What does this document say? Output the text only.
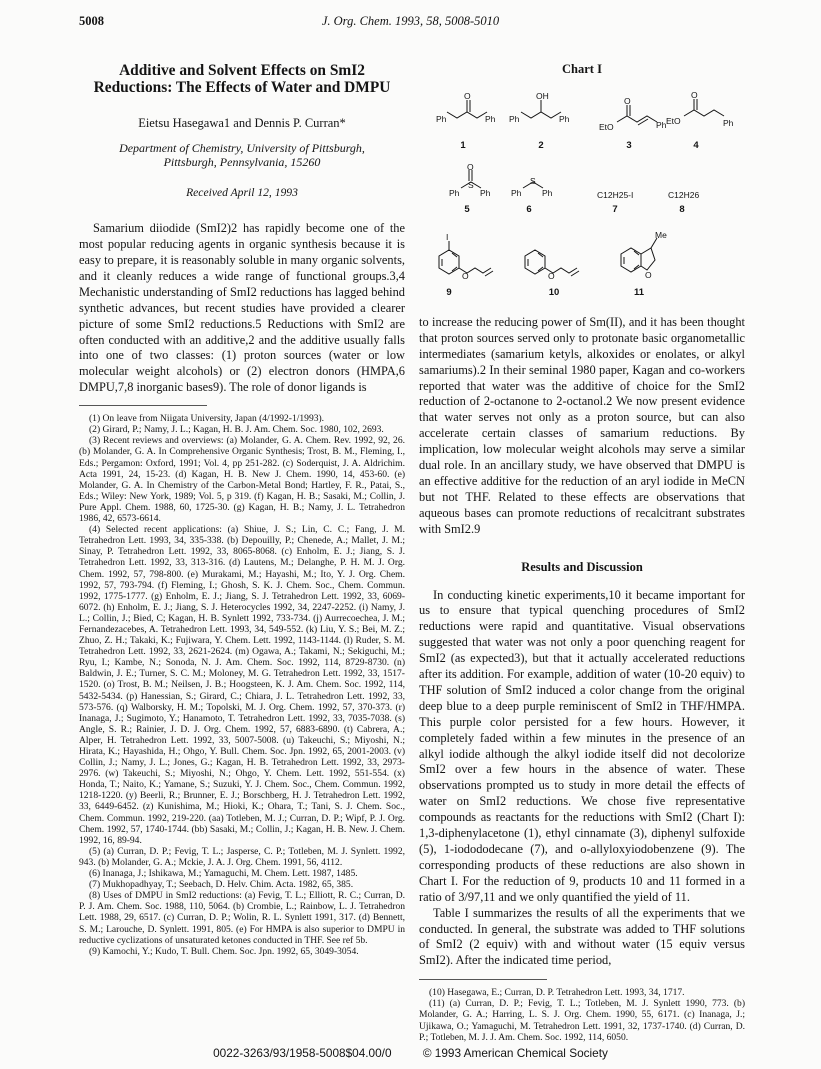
5008	J. Org. Chem. 1993, 58, 5008-5010
Additive and Solvent Effects on SmI2 Reductions: The Effects of Water and DMPU
Eietsu Hasegawa1 and Dennis P. Curran*
Department of Chemistry, University of Pittsburgh,
Pittsburgh, Pennsylvania, 15260
Received April 12, 1993

Samarium diiodide (SmI2)2 has rapidly become one of the most popular reducing agents in organic synthesis because it is easy to prepare, it is reasonably soluble in many organic solvents, and it cleanly reduces a wide range of functional groups.3,4 Mechanistic understanding of SmI2 reductions has lagged behind synthetic advances, but recent studies have provided a clearer picture of some SmI2 reductions.5 Reductions with SmI2 are often conducted with an additive,2 and the additive usually falls into one of two classes: (1) proton sources (water or low molecular weight alcohols) or (2) electron donors (HMPA,6 DMPU,7,8 inorganic bases9). The role of donor ligands is

(1) On leave from Niigata University, Japan (4/1992-1/1993).

(2) Girard, P.; Namy, J. L.; Kagan, H. B. J. Am. Chem. Soc. 1980, 102, 2693.

(3) Recent reviews and overviews: (a) Molander, G. A. Chem. Rev. 1992, 92, 26. (b) Molander, G. A. In Comprehensive Organic Synthesis; Trost, B. M., Fleming, I., Eds.; Pergamon: Oxford, 1991; Vol. 4, pp 251-282. (c) Soderquist, J. A. Aldrichim. Acta 1991, 24, 15-23. (d) Kagan, H. B. New J. Chem. 1990, 14, 453-60. (e) Molander, G. A. In Chemistry of the Carbon-Metal Bond; Hartley, F. R., Patai, S., Eds.; Wiley: New York, 1989; Vol. 5, p 319. (f) Kagan, H. B.; Sasaki, M.; Collin, J. Pure Appl. Chem. 1988, 60, 1725-30. (g) Kagan, H. B.; Namy, J. L. Tetrahedron 1986, 42, 6573-6614.

(4) Selected recent applications: (a) Shiue, J. S.; Lin, C. C.; Fang, J. M. Tetrahedron Lett. 1993, 34, 335-338. (b) Depouilly, P.; Chenede, A.; Mallet, J. M.; Sinay, P. Tetrahedron Lett. 1992, 33, 8065-8068. (c) Enholm, E. J.; Jiang, S. J. Tetrahedron Lett. 1992, 33, 313-316. (d) Lautens, M.; Delanghe, P. H. M. J. Org. Chem. 1992, 57, 798-800. (e) Murakami, M.; Hayashi, M.; Ito, Y. J. Org. Chem. 1992, 57, 793-794. (f) Fleming, I.; Ghosh, S. K. J. Chem. Soc., Chem. Commun. 1992, 1775-1777. (g) Enholm, E. J.; Jiang, S. J. Tetrahedron Lett. 1992, 33, 6069-6072. (h) Enholm, E. J.; Jiang, S. J. Heterocycles 1992, 34, 2247-2252. (i) Namy, J. L.; Collin, J.; Bied, C; Kagan, H. B. Synlett 1992, 733-734. (j) Aurrecoechea, J. M.; Fernandezacebes, A. Tetrahedron Lett. 1993, 34, 549-552. (k) Liu, Y. S.; Bei, M. Z.; Zhuo, Z. H.; Takaki, K.; Fujiwara, Y. Chem. Lett. 1992, 1143-1144. (l) Ruder, S. M. Tetrahedron Lett. 1992, 33, 2621-2624. (m) Ogawa, A.; Takami, N.; Sekiguchi, M.; Ryu, I.; Kambe, N.; Sonoda, N. J. Am. Chem. Soc. 1992, 114, 8729-8730. (n) Baldwin, J. E.; Turner, S. C. M.; Moloney, M. G. Tetrahedron Lett. 1992, 33, 1517-1520. (o) Trost, B. M.; Neilsen, J. B.; Hoogsteen, K. J. Am. Chem. Soc. 1992, 114, 5432-5434. (p) Hanessian, S.; Girard, C.; Chiara, J. L. Tetrahedron Lett. 1992, 33, 573-576. (q) Walborsky, H. M.; Topolski, M. J. Org. Chem. 1992, 57, 370-373. (r) Inanaga, J.; Sugimoto, Y.; Hanamoto, T. Tetrahedron Lett. 1992, 33, 7035-7038. (s) Angle, S. R.; Rainier, J. D. J. Org. Chem. 1992, 57, 6883-6890. (t) Cabrera, A.; Alper, H. Tetrahedron Lett. 1992, 33, 5007-5008. (u) Takeuchi, S.; Miyoshi, N.; Hirata, K.; Hayashida, H.; Ohgo, Y. Bull. Chem. Soc. Jpn. 1992, 65, 2001-2003. (v) Collin, J.; Namy, J. L.; Jones, G.; Kagan, H. B. Tetrahedron Lett. 1992, 33, 2973-2976. (w) Takeuchi, S.; Miyoshi, N.; Ohgo, Y. Chem. Lett. 1992, 551-554. (x) Honda, T.; Naito, K.; Yamane, S.; Suzuki, Y. J. Chem. Soc., Chem. Commun. 1992, 1218-1220. (y) Beerli, R.; Brunner, E. J.; Borschberg, H. J. Tetrahedron Lett. 1992, 33, 6449-6452. (z) Kunishima, M.; Hioki, K.; Ohara, T.; Tani, S. J. Chem. Soc., Chem. Commun. 1992, 219-220. (aa) Totleben, M. J.; Curran, D. P.; Wipf, P. J. Org. Chem. 1992, 57, 1740-1744. (bb) Sasaki, M.; Collin, J.; Kagan, H. B. New. J. Chem. 1992, 16, 89-94.

(5) (a) Curran, D. P.; Fevig, T. L.; Jasperse, C. P.; Totleben, M. J. Synlett. 1992, 943. (b) Molander, G. A.; Mckie, J. A. J. Org. Chem. 1991, 56, 4112.

(6) Inanaga, J.; Ishikawa, M.; Yamaguchi, M. Chem. Lett. 1987, 1485.

(7) Mukhopadhyay, T.; Seebach, D. Helv. Chim. Acta. 1982, 65, 385.

(8) Uses of DMPU in SmI2 reductions: (a) Fevig, T. L.; Elliott, R. C.; Curran, D. P. J. Am. Chem. Soc. 1988, 110, 5064. (b) Crombie, L.; Rainbow, L. J. Tetrahedron Lett. 1988, 29, 6517. (c) Curran, D. P.; Wolin, R. L. Synlett 1991, 317. (d) Bennett, S. M.; Larouche, D. Synlett. 1991, 805. (e) For HMPA is also superior to DMPU in reductive cyclizations of unsaturated ketones conducted in THF. See ref 5b.

(9) Kamochi, Y.; Kudo, T. Bull. Chem. Soc. Jpn. 1992, 65, 3049-3054.

Chart I
Ph	Ph
O
Ph	Ph
OH
EtO
O
Ph EtO
O
Ph
Ph Ph
S
O
Ph Ph
S
C12H25-I	C12H26
I
O	O	O
Me
1	2	3	4
5	6	7	8
9	10	11

to increase the reducing power of Sm(II), and it has been thought that proton sources served only to protonate basic organometallic intermediates (samarium ketyls, alkoxides or enolates, or alkyl samariums).2 In their seminal 1980 paper, Kagan and co-workers reported that water was the additive of choice for the SmI2 reduction of 2-octanone to 2-octanol.2 We now present evidence that water serves not only as a proton source, but can also accelerate certain classes of samarium reductions. By implication, low molecular weight alcohols may serve a similar dual role. In an ancillary study, we have observed that DMPU is an effective additive for the reduction of an aryl iodide in MeCN but not THF. Related to these effects are observations that aqueous bases can promote reductions of recalcitrant substrates with SmI2.9

Results and Discussion

In conducting kinetic experiments,10 it became important for us to ensure that typical quenching procedures of SmI2 reductions were rapid and quantitative. Visual observations suggested that water was not only a poor quenching reagent for SmI2 (as expected3), but that it actually accelerated reductions after its addition. For example, addition of water (10-20 equiv) to THF solution of SmI2 induced a color change from the original deep blue to a deep purple reminiscent of SmI2 in THF/HMPA. This purple color persisted for a few hours. However, it completely faded within a few minutes in the presence of an alkyl iodide although the alkyl iodide itself did not decolorize SmI2 over a few hours in the absence of water. These observations prompted us to study in more detail the effects of water on SmI2 reductions. We chose five representative compounds as reactants for the reductions with SmI2 (Chart I): 1,3-diphenylacetone (1), ethyl cinnamate (3), diphenyl sulfoxide (5), 1-iodododecane (7), and o-allyloxyiodobenzene (9). The corresponding products of these reductions are also shown in Chart I. For the reduction of 9, products 10 and 11 formed in a ratio of 3/97,11 and we only quantified the yield of 11.

Table I summarizes the results of all the experiments that we conducted. In general, the substrate was added to THF solutions of SmI2 (2 equiv) with and without water (15 equiv versus SmI2). After the indicated time period,

(10) Hasegawa, E.; Curran, D. P. Tetrahedron Lett. 1993, 34, 1717.

(11) (a) Curran, D. P.; Fevig, T. L.; Totleben, M. J. Synlett 1990, 773. (b) Molander, G. A.; Harring, L. S. J. Org. Chem. 1990, 55, 6171. (c) Inanaga, J.; Ujikawa, O.; Yamaguchi, M. Tetrahedron Lett. 1991, 32, 1737-1740. (d) Curran, D. P.; Totleben, M. J. J. Am. Chem. Soc. 1992, 114, 6050.

0022-3263/93/1958-5008$04.00/0	© 1993 American Chemical Society
